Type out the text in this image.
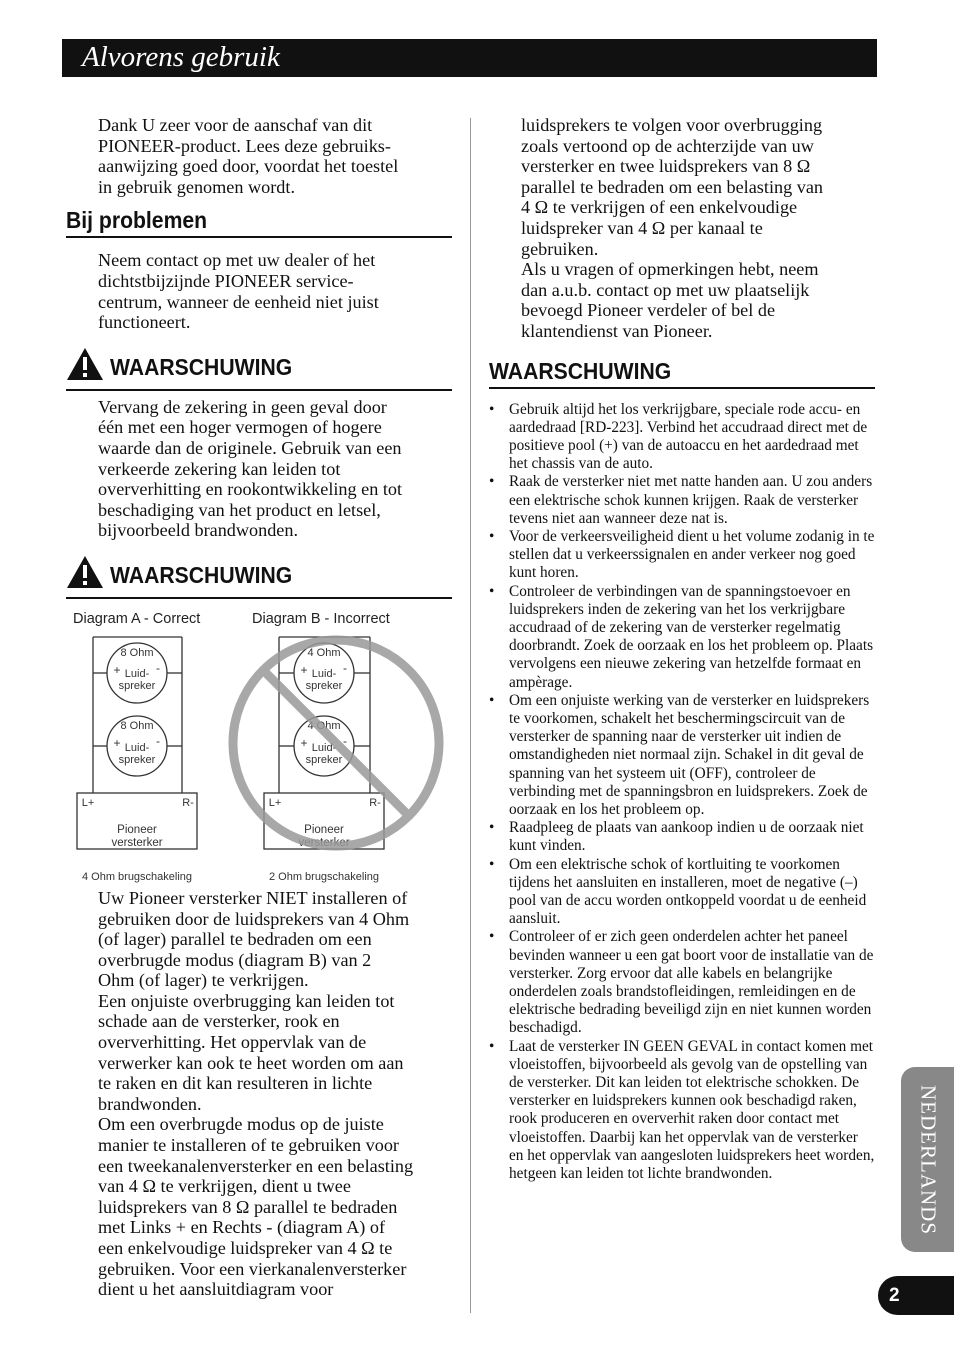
Alvorens gebruik

Dank U zeer voor de aanschaf van dit
PIONEER-product. Lees deze gebruiks-
aanwijzing goed door, voordat het toestel
in gebruik genomen wordt.

Bij problemen

Neem contact op met uw dealer of het
dichtstbijzijnde PIONEER service-
centrum, wanneer de eenheid niet juist
functioneert.

WAARSCHUWING

Vervang de zekering in geen geval door
één met een hoger vermogen of hogere
waarde dan de originele. Gebruik van een
verkeerde zekering kan leiden tot
oververhitting en rookontwikkeling en tot
beschadiging van het product en letsel,
bijvoorbeeld brandwonden.

WAARSCHUWING
Diagram A - Correct
8 Ohm
Luid-
spreker
+	-
8 Ohm
Luid-
spreker
+	-
L+	R-
Pioneer
versterker
4 Ohm brugschakeling
Diagram B - Incorrect
4 Ohm
Luid-
spreker
+	-
4 Ohm
Luid-
spreker
+	-
L+	R-
Pioneer
versterker
2 Ohm brugschakeling

Uw Pioneer versterker NIET installeren of
gebruiken door de luidsprekers van 4 Ohm
(of lager) parallel te bedraden om een
overbrugde modus (diagram B) van 2
Ohm (of lager) te verkrijgen.
Een onjuiste overbrugging kan leiden tot
schade aan de versterker, rook en
oververhitting. Het oppervlak van de
verwerker kan ook te heet worden om aan
te raken en dit kan resulteren in lichte
brandwonden.
Om een overbrugde modus op de juiste
manier te installeren of te gebruiken voor
een tweekanalenversterker en een belasting
van 4 Ω te verkrijgen, dient u twee
luidsprekers van 8 Ω parallel te bedraden
met Links + en Rechts - (diagram A) of
een enkelvoudige luidspreker van 4 Ω te
gebruiken. Voor een vierkanalenversterker
dient u het aansluitdiagram voor

luidsprekers te volgen voor overbrugging
zoals vertoond op de achterzijde van uw
versterker en twee luidsprekers van 8 Ω
parallel te bedraden om een belasting van
4 Ω te verkrijgen of een enkelvoudige
luidspreker van 4 Ω per kanaal te
gebruiken.
Als u vragen of opmerkingen hebt, neem
dan a.u.b. contact op met uw plaatselijk
bevoegd Pioneer verdeler of bel de
klantendienst van Pioneer.

WAARSCHUWING
• Gebruik altijd het los verkrijgbare, speciale rode accu- en aardedraad [RD-223]. Verbind het accudraad direct met de positieve pool (+) van de autoaccu en het aardedraad met het chassis van de auto.
• Raak de versterker niet met natte handen aan. U zou anders een elektrische schok kunnen krijgen. Raak de versterker tevens niet aan wanneer deze nat is.
• Voor de verkeersveiligheid dient u het volume zodanig in te stellen dat u verkeerssignalen en ander verkeer nog goed kunt horen.
• Controleer de verbindingen van de spanningstoevoer en luidsprekers inden de zekering van het los verkrijgbare accudraad of de zekering van de versterker regelmatig doorbrandt. Zoek de oorzaak en los het probleem op. Plaats vervolgens een nieuwe zekering van hetzelfde formaat en ampèrage.
• Om een onjuiste werking van de versterker en luidsprekers te voorkomen, schakelt het beschermingscircuit van de versterker de spanning naar de versterker uit indien de omstandigheden niet normaal zijn. Schakel in dit geval de spanning van het systeem uit (OFF), controleer de verbinding met de spanningsbron en luidsprekers. Zoek de oorzaak en los het probleem op.
• Raadpleeg de plaats van aankoop indien u de oorzaak niet kunt vinden.
• Om een elektrische schok of kortluiting te voorkomen tijdens het aansluiten en installeren, moet de negative (–) pool van de accu worden ontkoppeld voordat u de eenheid aansluit.
• Controleer of er zich geen onderdelen achter het paneel bevinden wanneer u een gat boort voor de installatie van de versterker. Zorg ervoor dat alle kabels en belangrijke onderdelen zoals brandstofleidingen, remleidingen en de elektrische bedrading beveiligd zijn en niet kunnen worden beschadigd.
• Laat de versterker IN GEEN GEVAL in contact komen met vloeistoffen, bijvoorbeeld als gevolg van de opstelling van de versterker. Dit kan leiden tot elektrische schokken. De versterker en luidsprekers kunnen ook beschadigd raken, rook produceren en oververhit raken door contact met vloeistoffen. Daarbij kan het oppervlak van de versterker en het oppervlak van aangesloten luidsprekers heet worden, hetgeen kan leiden tot lichte brandwonden.	NEDERLANDS
2
